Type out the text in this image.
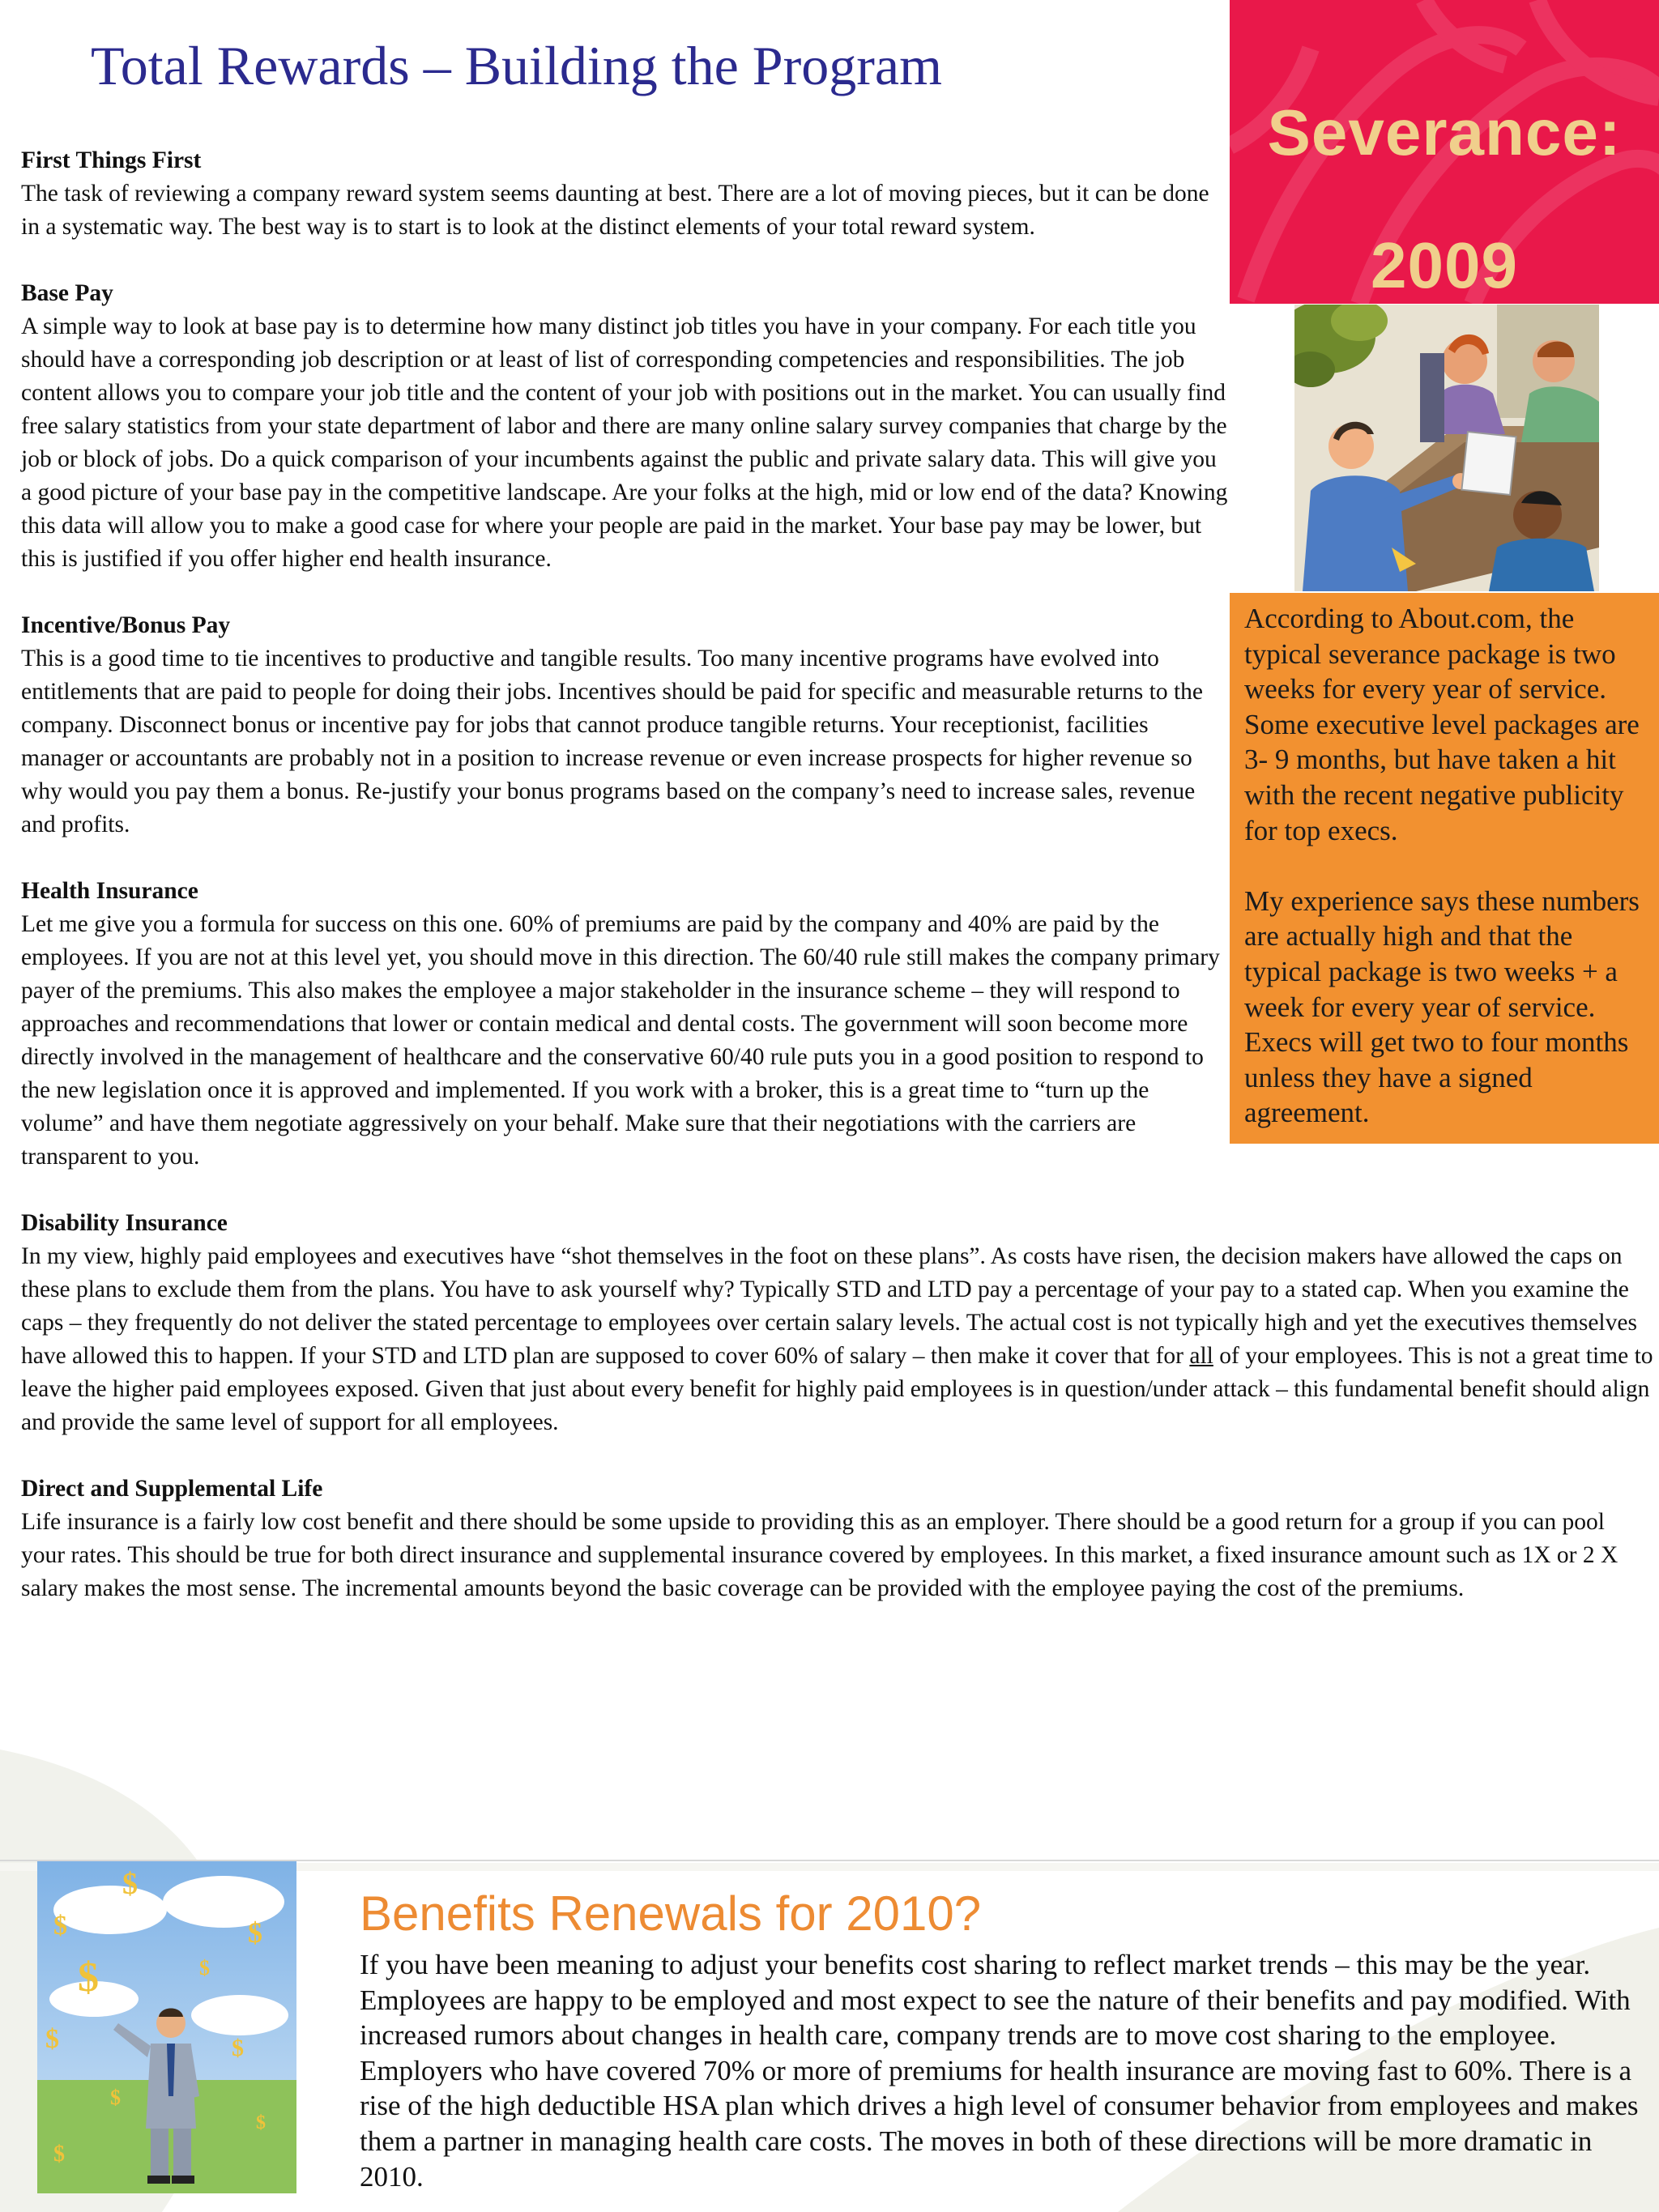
Total Rewards – Building the Program
Severance:
2009

According to About.com, the typical severance package is two weeks for every year of service. Some executive level packages are 3- 9 months, but have taken a hit with the recent negative publicity for top execs.

My experience says these numbers are actually high and that the typical package is two weeks + a week for every year of service. Execs will get two to four months unless they have a signed agreement.

First Things First

The task of reviewing a company reward system seems daunting at best. There are a lot of moving pieces, but it can be done in a systematic way. The best way is to start is to look at the distinct elements of your total reward system.

Base Pay

A simple way to look at base pay is to determine how many distinct job titles you have in your company. For each title you should have a corresponding job description or at least of list of corresponding competencies and responsibilities. The job content allows you to compare your job title and the content of your job with positions out in the market. You can usually find free salary statistics from your state department of labor and there are many online salary survey companies that charge by the job or block of jobs. Do a quick comparison of your incumbents against the public and private salary data. This will give you a good picture of your base pay in the competitive landscape. Are your folks at the high, mid or low end of the data? Knowing this data will allow you to make a good case for where your people are paid in the market. Your base pay may be lower, but this is justified if you offer higher end health insurance.

Incentive/Bonus Pay

This is a good time to tie incentives to productive and tangible results. Too many incentive programs have evolved into entitlements that are paid to people for doing their jobs. Incentives should be paid for specific and measurable returns to the company. Disconnect bonus or incentive pay for jobs that cannot produce tangible returns. Your receptionist, facilities manager or accountants are probably not in a position to increase revenue or even increase prospects for higher revenue so why would you pay them a bonus. Re-justify your bonus programs based on the company’s need to increase sales, revenue and profits.

Health Insurance

Let me give you a formula for success on this one. 60% of premiums are paid by the company and 40% are paid by the employees. If you are not at this level yet, you should move in this direction. The 60/40 rule still makes the company primary payer of the premiums. This also makes the employee a major stakeholder in the insurance scheme – they will respond to approaches and recommendations that lower or contain medical and dental costs. The government will soon become more directly involved in the management of healthcare and the conservative 60/40 rule puts you in a good position to respond to the new legislation once it is approved and implemented. If you work with a broker, this is a great time to “turn up the volume” and have them negotiate aggressively on your behalf. Make sure that their negotiations with the carriers are transparent to you.

Disability Insurance

In my view, highly paid employees and executives have “shot themselves in the foot on these plans”. As costs have risen, the decision makers have allowed the caps on these plans to exclude them from the plans. You have to ask yourself why? Typically STD and LTD pay a percentage of your pay to a stated cap. When you examine the caps – they frequently do not deliver the stated percentage to employees over certain salary levels. The actual cost is not typically high and yet the executives themselves have allowed this to happen. If your STD and LTD plan are supposed to cover 60% of salary – then make it cover that for all of your employees. This is not a great time to leave the higher paid employees exposed. Given that just about every benefit for highly paid employees is in question/under attack – this fundamental benefit should align and provide the same level of support for all employees.

Direct and Supplemental Life

Life insurance is a fairly low cost benefit and there should be some upside to providing this as an employer. There should be a good return for a group if you can pool your rates. This should be true for both direct insurance and supplemental insurance covered by employees. In this market, a fixed insurance amount such as 1X or 2 X salary makes the most sense. The incremental amounts beyond the basic coverage can be provided with the employee paying the cost of the premiums.

$
$	$
$	$
$	$
$
$
$
Benefits Renewals for 2010?

If you have been meaning to adjust your benefits cost sharing to reflect market trends – this may be the year. Employees are happy to be employed and most expect to see the nature of their benefits and pay modified. With increased rumors about changes in health care, company trends are to move cost sharing to the employee. Employers who have covered 70% or more of premiums for health insurance are moving fast to 60%. There is a rise of the high deductible HSA plan which drives a high level of consumer behavior from employees and makes them a partner in managing health care costs. The moves in both of these directions will be more dramatic in 2010.
